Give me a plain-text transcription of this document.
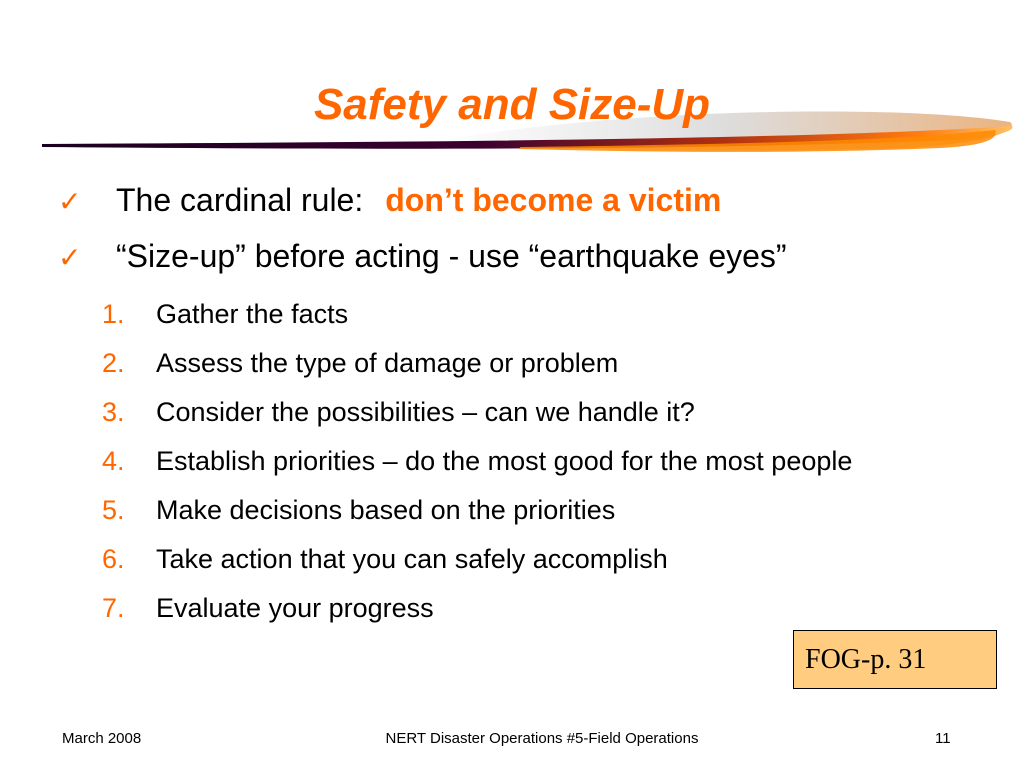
Safety and Size-Up
✓	The cardinal rule: don’t become a victim
✓	“Size-up” before acting - use “earthquake eyes”
1.	Gather the facts
2.	Assess the type of damage or problem
3.	Consider the possibilities – can we handle it?
4.	Establish priorities – do the most good for the most people
5.	Make decisions based on the priorities
6.	Take action that you can safely accomplish
7.	Evaluate your progress
FOG-p. 31
March 2008	NERT Disaster Operations #5-Field Operations	11
